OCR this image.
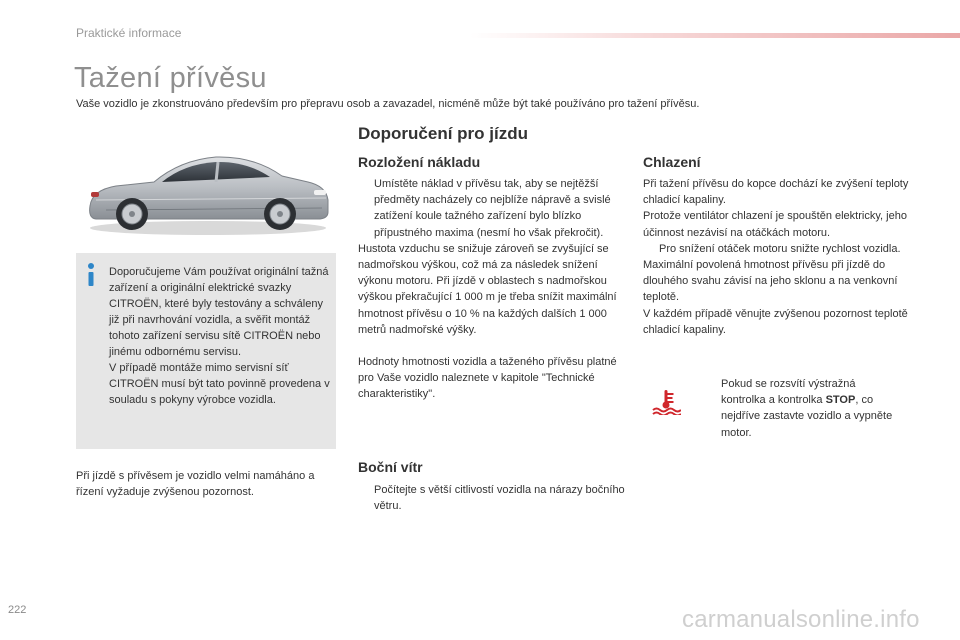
Praktické informace
Tažení přívěsu
Vaše vozidlo je zkonstruováno především pro přepravu osob a zavazadel, nicméně může být také používáno pro tažení přívěsu.

Doporučujeme Vám používat originální tažná zařízení a originální elektrické svazky CITROËN, které byly testovány a schváleny již při navrhování vozidla, a svěřit montáž tohoto zařízení servisu sítě CITROËN nebo jinému odbornému servisu.

V případě montáže mimo servisní síť CITROËN musí být tato povinně provedena v souladu s pokyny výrobce vozidla.

Při jízdě s přívěsem je vozidlo velmi namáháno a řízení vyžaduje zvýšenou pozornost.
Doporučení pro jízdu
Rozložení nákladu
Umístěte náklad v přívěsu tak, aby se nejtěžší předměty nacházely co nejblíže nápravě a svislé zatížení koule tažného zařízení bylo blízko přípustného maxima (nesmí ho však překročit).

Hustota vzduchu se snižuje zároveň se zvyšující se nadmořskou výškou, což má za následek snížení výkonu motoru. Při jízdě v oblastech s nadmořskou výškou překračující 1 000 m je třeba snížit maximální hmotnost přívěsu o 10 % na každých dalších 1 000 metrů nadmořské výšky.

Hodnoty hmotnosti vozidla a taženého přívěsu platné pro Vaše vozidlo naleznete v kapitole "Technické charakteristiky".

Boční vítr
Počítejte s větší citlivostí vozidla na nárazy bočního větru.
Chlazení

Při tažení přívěsu do kopce dochází ke zvýšení teploty chladicí kapaliny.

Protože ventilátor chlazení je spouštěn elektricky, jeho účinnost nezávisí na otáčkách motoru.

Pro snížení otáček motoru snižte rychlost vozidla.

Maximální povolená hmotnost přívěsu při jízdě do dlouhého svahu závisí na jeho sklonu a na venkovní teplotě.

V každém případě věnujte zvýšenou pozornost teplotě chladicí kapaliny.

Pokud se rozsvítí výstražná kontrolka a kontrolka STOP, co nejdříve zastavte vozidlo a vypněte motor.
222	carmanualsonline.info
